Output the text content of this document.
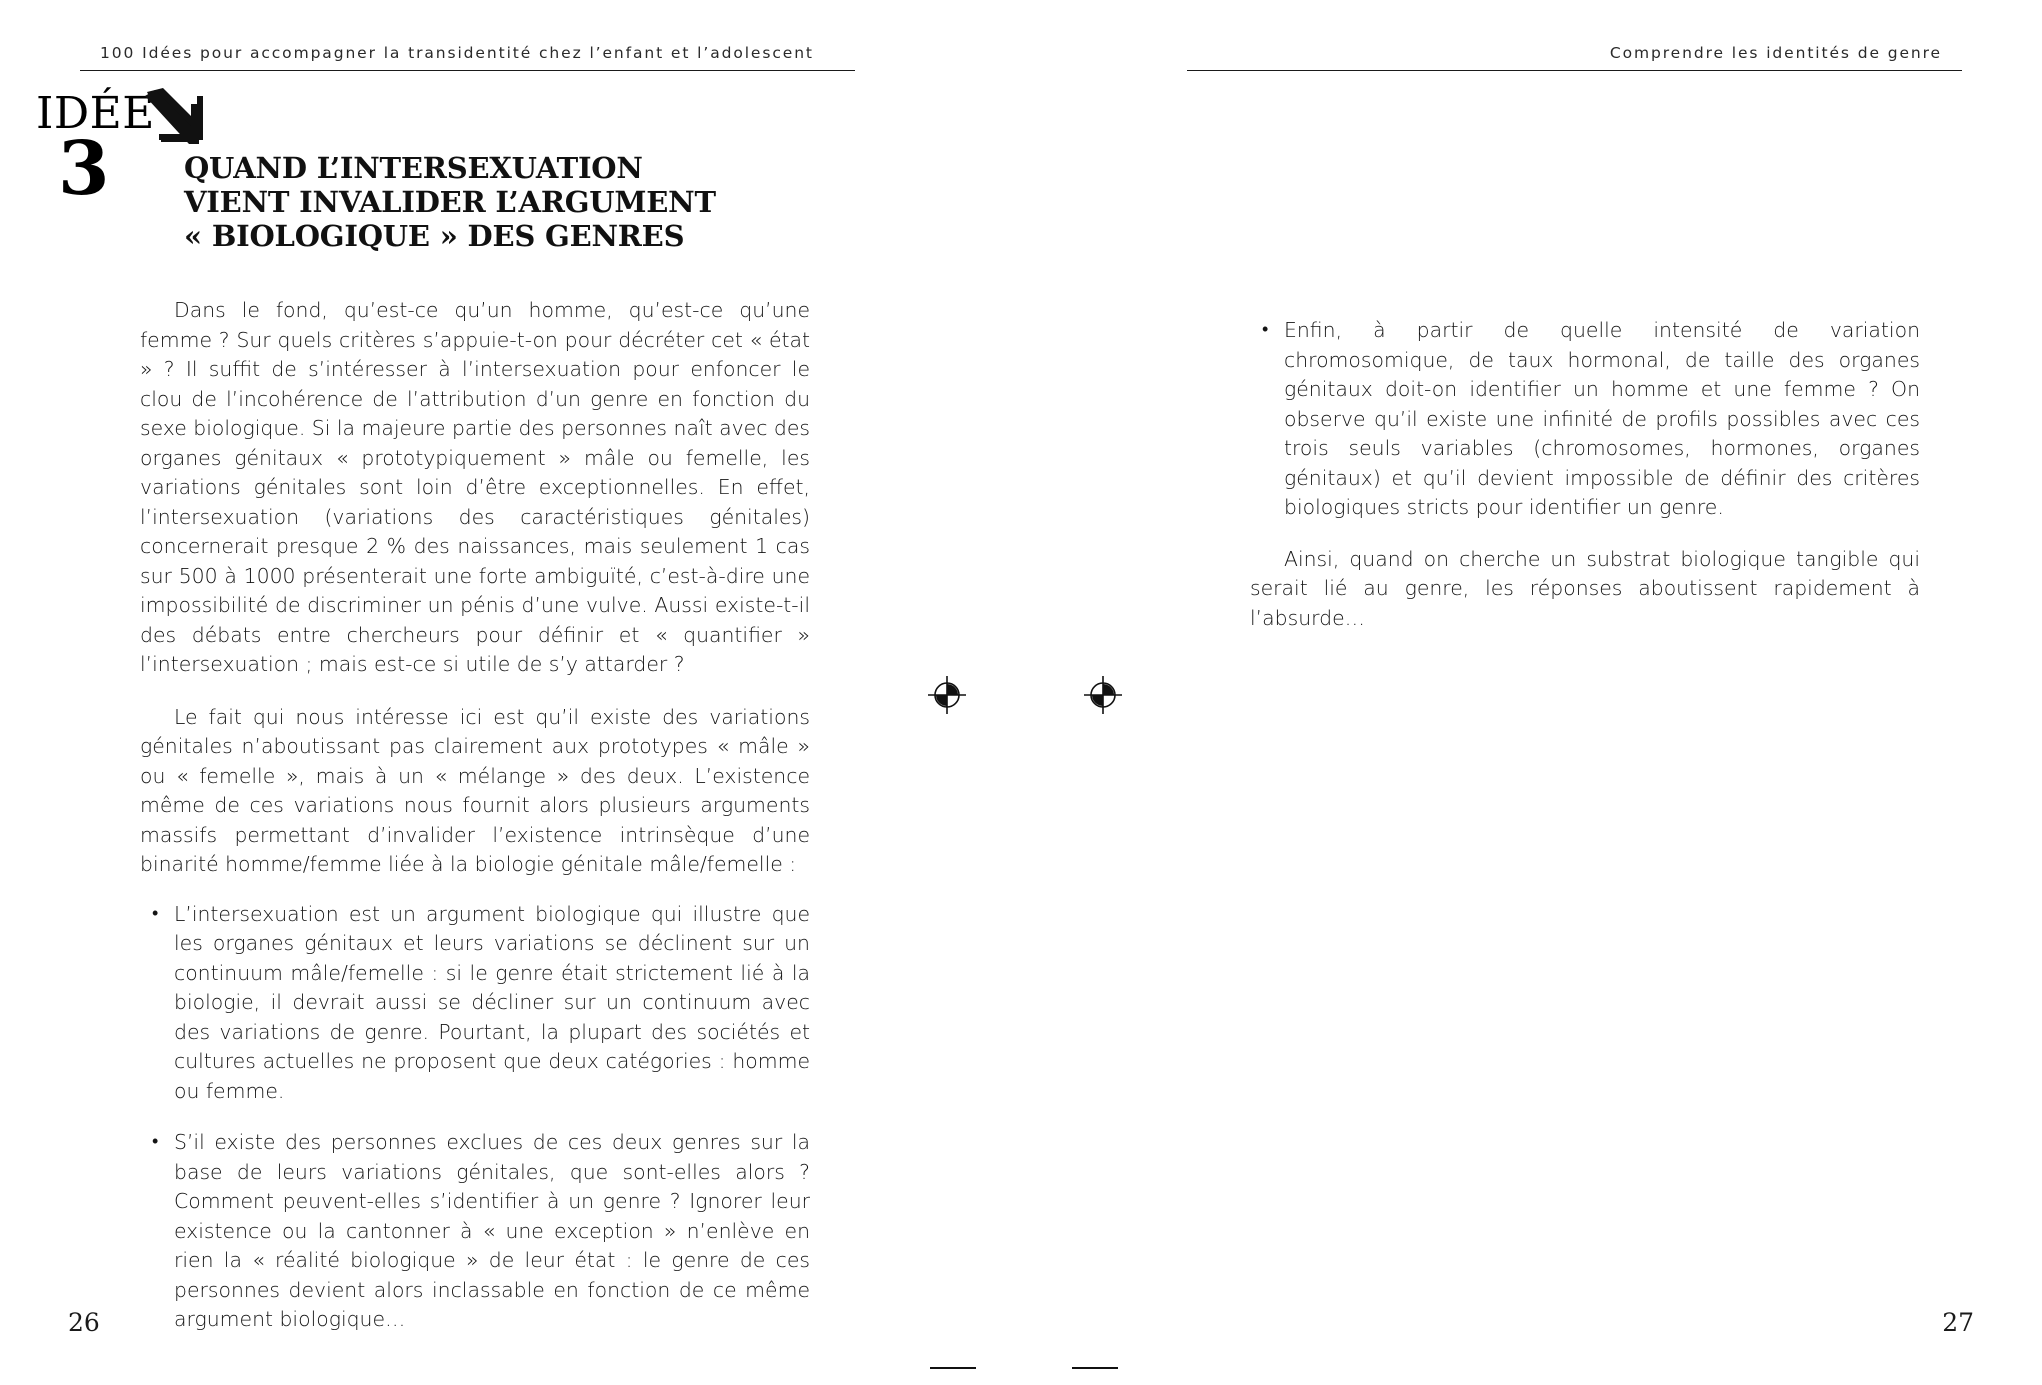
100 Idées pour accompagner la transidentité chez l’enfant et l’adolescent
IDÉE
3	QUAND L’INTERSEXUATION
VIENT INVALIDER L’ARGUMENT
« BIOLOGIQUE » DES GENRES

Dans le fond, qu’est-ce qu’un homme, qu’est-ce qu’une femme ? Sur quels critères s’appuie-t-on pour décréter cet « état » ? Il suffit de s’intéresser à l’intersexuation pour enfoncer le clou de l’incohérence de l’attribution d’un genre en fonction du sexe biologique. Si la majeure partie des personnes naît avec des organes génitaux « prototypiquement » mâle ou femelle, les variations génitales sont loin d’être exceptionnelles. En effet, l’intersexuation (variations des caractéristiques génitales) concernerait presque 2 % des naissances, mais seulement 1 cas sur 500 à 1000 présenterait une forte ambiguïté, c’est-à-dire une impossibilité de discriminer un pénis d’une vulve. Aussi existe-t-il des débats entre chercheurs pour définir et « quantifier » l’intersexuation ; mais est-ce si utile de s’y attarder ?

Le fait qui nous intéresse ici est qu’il existe des variations génitales n’aboutissant pas clairement aux prototypes « mâle » ou « femelle », mais à un « mélange » des deux. L’existence même de ces variations nous fournit alors plusieurs arguments massifs permettant d’invalider l’existence intrinsèque d’une binarité homme/femme liée à la biologie génitale mâle/femelle :

• L’intersexuation est un argument biologique qui illustre que les organes génitaux et leurs variations se déclinent sur un continuum mâle/femelle : si le genre était strictement lié à la biologie, il devrait aussi se décliner sur un continuum avec des variations de genre. Pourtant, la plupart des sociétés et cultures actuelles ne proposent que deux catégories : homme ou femme.
• S’il existe des personnes exclues de ces deux genres sur la base de leurs variations génitales, que sont-elles alors ? Comment peuvent-elles s’identifier à un genre ? Ignorer leur existence ou la cantonner à « une exception » n’enlève en rien la « réalité biologique » de leur état : le genre de ces personnes devient alors inclassable en fonction de ce même argument biologique…
26
Comprendre les identités de genre
27
• Enfin, à partir de quelle intensité de variation chromosomique, de taux hormonal, de taille des organes génitaux doit-on identifier un homme et une femme ? On observe qu’il existe une infinité de profils possibles avec ces trois seuls variables (chromosomes, hormones, organes génitaux) et qu’il devient impossible de définir des critères biologiques stricts pour identifier un genre.

Ainsi, quand on cherche un substrat biologique tangible qui serait lié au genre, les réponses aboutissent rapidement à l’absurde…
